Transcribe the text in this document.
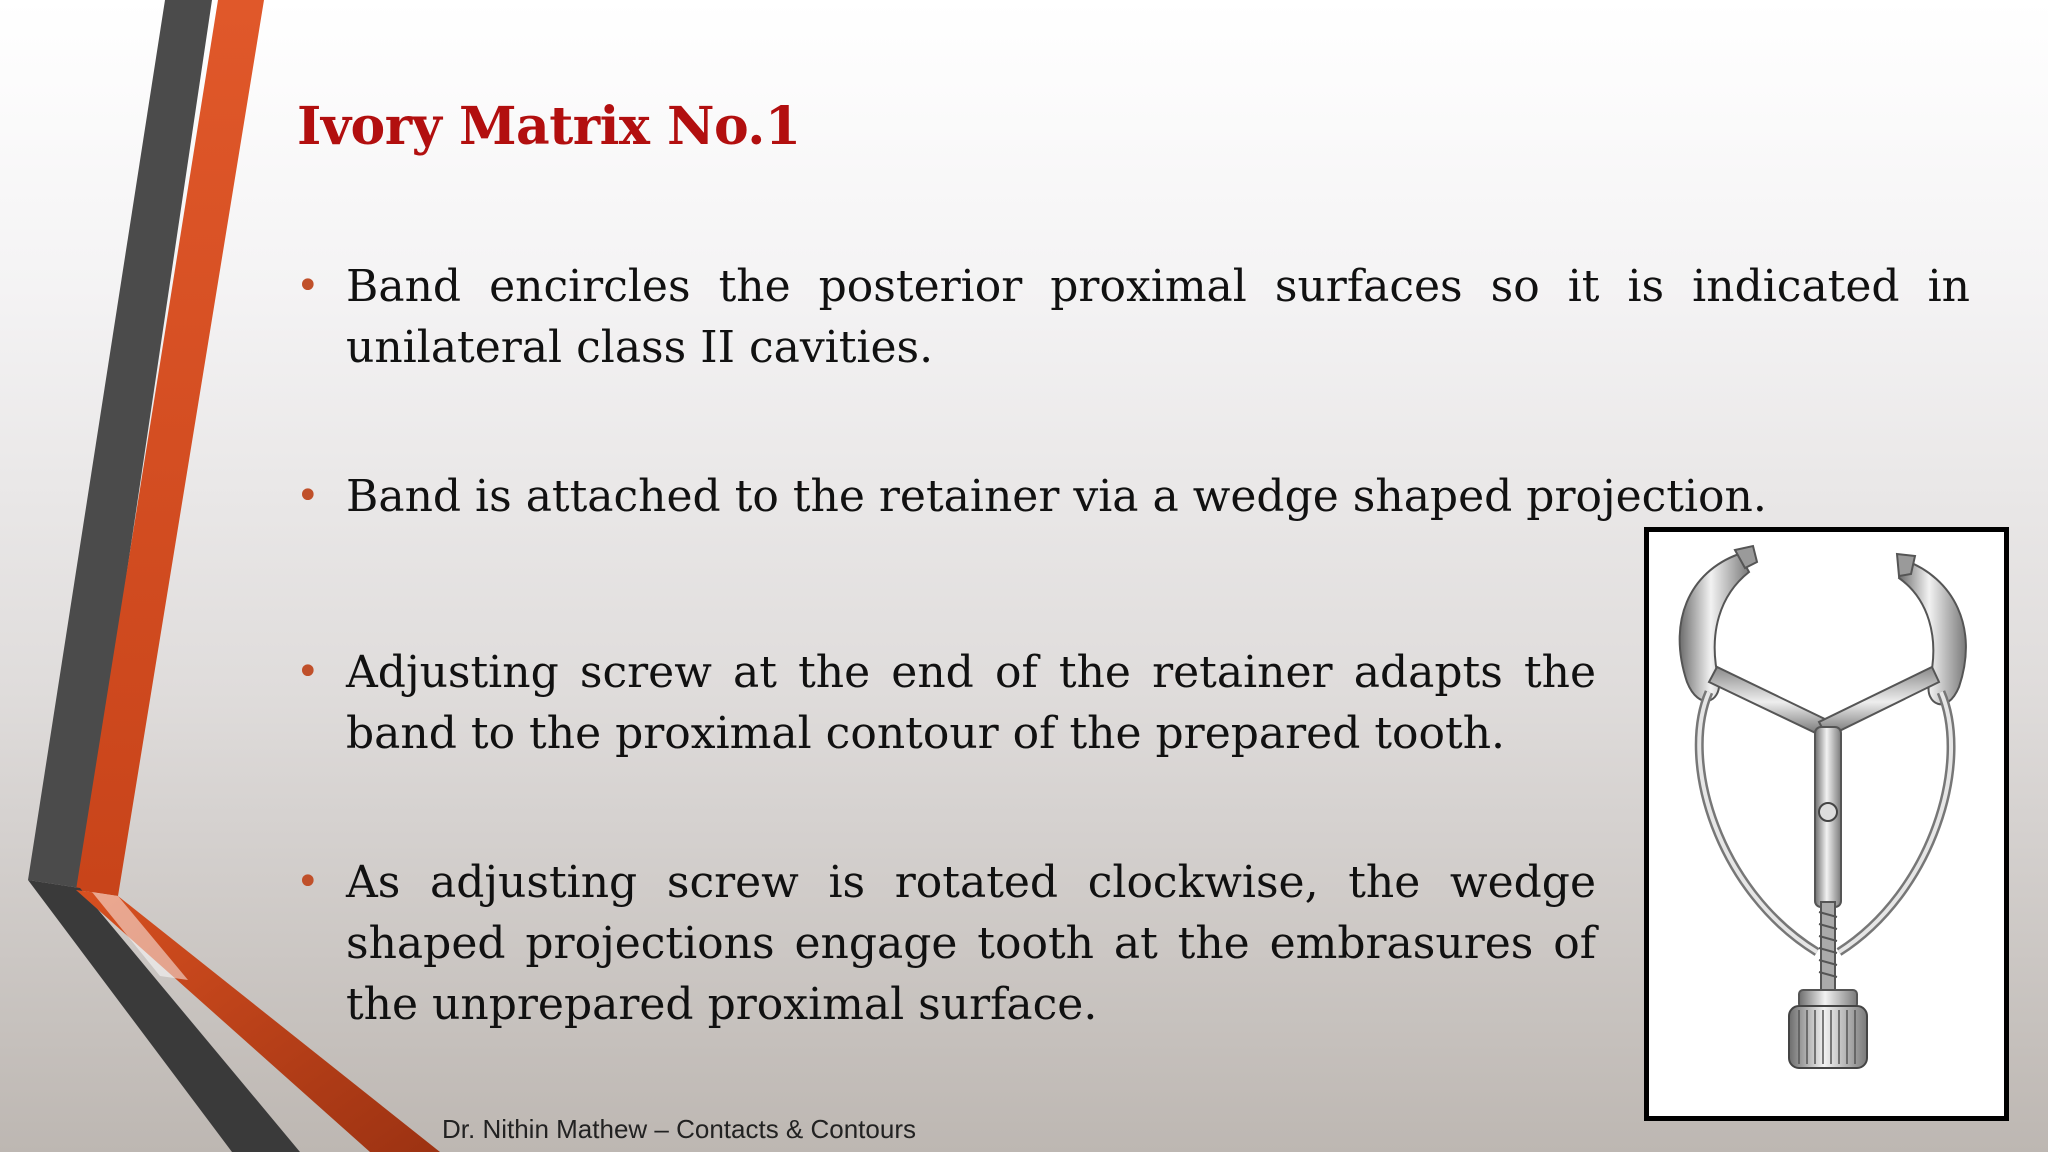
Ivory Matrix No.1
• Band encircles the posterior proximal surfaces so it is indicated in unilateral class II cavities.
• Band is attached to the retainer via a wedge shaped projection.
• Adjusting screw at the end of the retainer adapts the band to the proximal contour of the prepared tooth.
• As adjusting screw is rotated clockwise, the wedge shaped projections engage tooth at the embrasures of the unprepared proximal surface.
Dr. Nithin Mathew – Contacts & Contours
